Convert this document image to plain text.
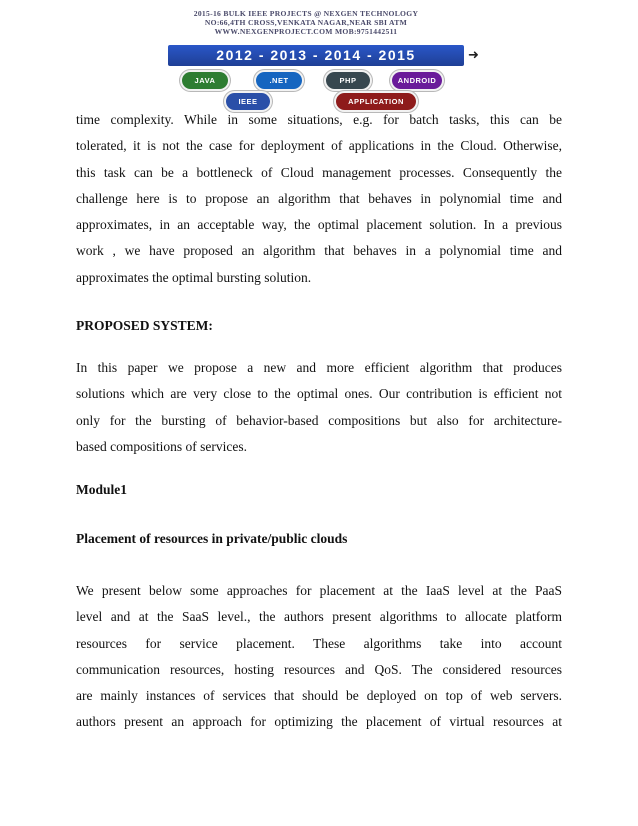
2015-16 BULK IEEE PROJECTS @ NEXGEN TECHNOLOGY
NO:66,4TH CROSS,VENKATA NAGAR,NEAR SBI ATM
WWW.NEXGENPROJECT.COM MOB:9751442511
2012 - 2013 - 2014 - 2015	➜
JAVA	.NET	PHP	ANDROID
IEEE	APPLICATION

time complexity. While in some situations, e.g. for batch tasks, this can be

tolerated, it is not the case for deployment of applications in the Cloud. Otherwise,

this task can be a bottleneck of Cloud management processes. Consequently the

challenge here is to propose an algorithm that behaves in polynomial time and

approximates, in an acceptable way, the optimal placement solution. In a previous

work , we have proposed an algorithm that behaves in a polynomial time and

approximates the optimal bursting solution.

PROPOSED SYSTEM:

In this paper we propose a new and more efficient algorithm that produces

solutions which are very close to the optimal ones. Our contribution is efficient not

only for the bursting of behavior-based compositions but also for architecture-

based compositions of services.

Module1
Placement of resources in private/public clouds

We present below some approaches for placement at the IaaS level at the PaaS

level and at the SaaS level., the authors present algorithms to allocate platform

resources for service placement. These algorithms take into account

communication resources, hosting resources and QoS. The considered resources

are mainly instances of services that should be deployed on top of web servers.

authors present an approach for optimizing the placement of virtual resources at
